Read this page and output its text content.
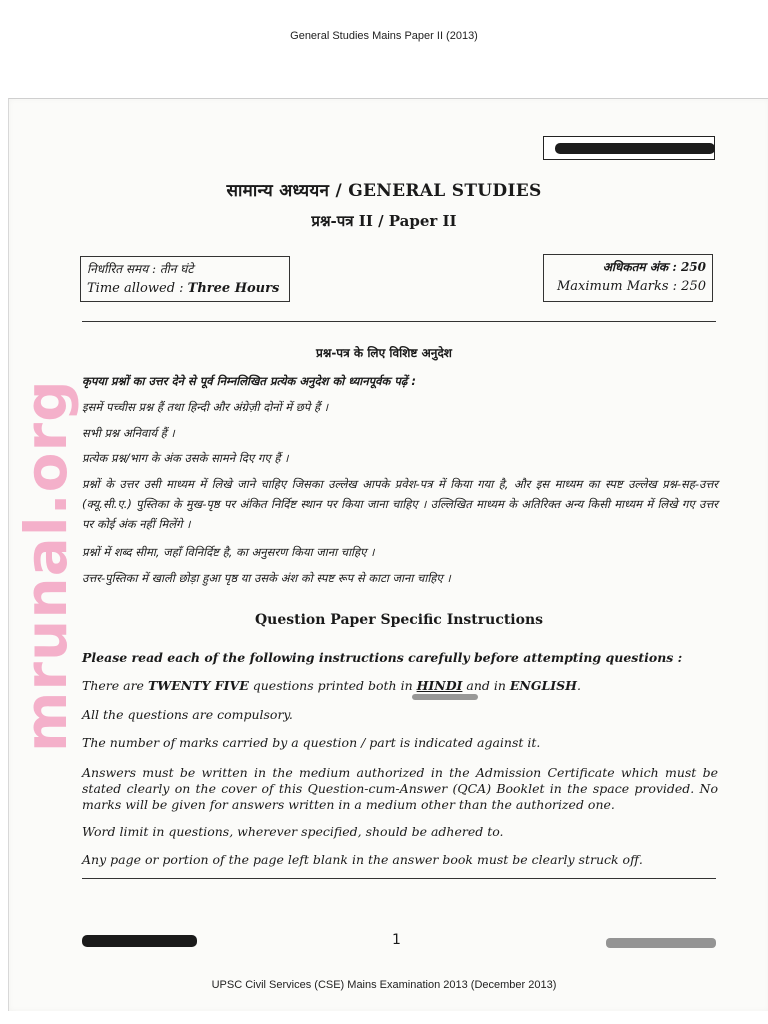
General Studies Mains Paper II (2013)
mrunal.org
सामान्य अध्ययन / GENERAL STUDIES
प्रश्न-पत्र II / Paper II
निर्धारित समय : तीन घंटे
Time allowed : Three Hours
अधिकतम अंक : 250
Maximum Marks : 250
प्रश्न-पत्र के लिए विशिष्ट अनुदेश
कृपया प्रश्नों का उत्तर देने से पूर्व निम्नलिखित प्रत्येक अनुदेश को ध्यानपूर्वक पढ़ें :
इसमें पच्चीस प्रश्न हैं तथा हिन्दी और अंग्रेज़ी दोनों में छपे हैं ।
सभी प्रश्न अनिवार्य हैं ।
प्रत्येक प्रश्न/भाग के अंक उसके सामने दिए गए हैं ।
प्रश्नों के उत्तर उसी माध्यम में लिखे जाने चाहिए जिसका उल्लेख आपके प्रवेश-पत्र में किया गया है, और इस माध्यम का स्पष्ट उल्लेख प्रश्न-सह-उत्तर (क्यू.सी.ए.) पुस्तिका के मुख-पृष्ठ पर अंकित निर्दिष्ट स्थान पर किया जाना चाहिए । उल्लिखित माध्यम के अतिरिक्त अन्य किसी माध्यम में लिखे गए उत्तर पर कोई अंक नहीं मिलेंगे ।
प्रश्नों में शब्द सीमा, जहाँ विनिर्दिष्ट है, का अनुसरण किया जाना चाहिए ।
उत्तर-पुस्तिका में खाली छोड़ा हुआ पृष्ठ या उसके अंश को स्पष्ट रूप से काटा जाना चाहिए ।
Question Paper Specific Instructions
Please read each of the following instructions carefully before attempting questions :
There are TWENTY FIVE questions printed both in HINDI and in ENGLISH.
All the questions are compulsory.
The number of marks carried by a question / part is indicated against it.
Answers must be written in the medium authorized in the Admission Certificate which must be stated clearly on the cover of this Question-cum-Answer (QCA) Booklet in the space provided. No marks will be given for answers written in a medium other than the authorized one.
Word limit in questions, wherever specified, should be adhered to.
Any page or portion of the page left blank in the answer book must be clearly struck off.
1
UPSC Civil Services (CSE) Mains Examination 2013 (December 2013)
